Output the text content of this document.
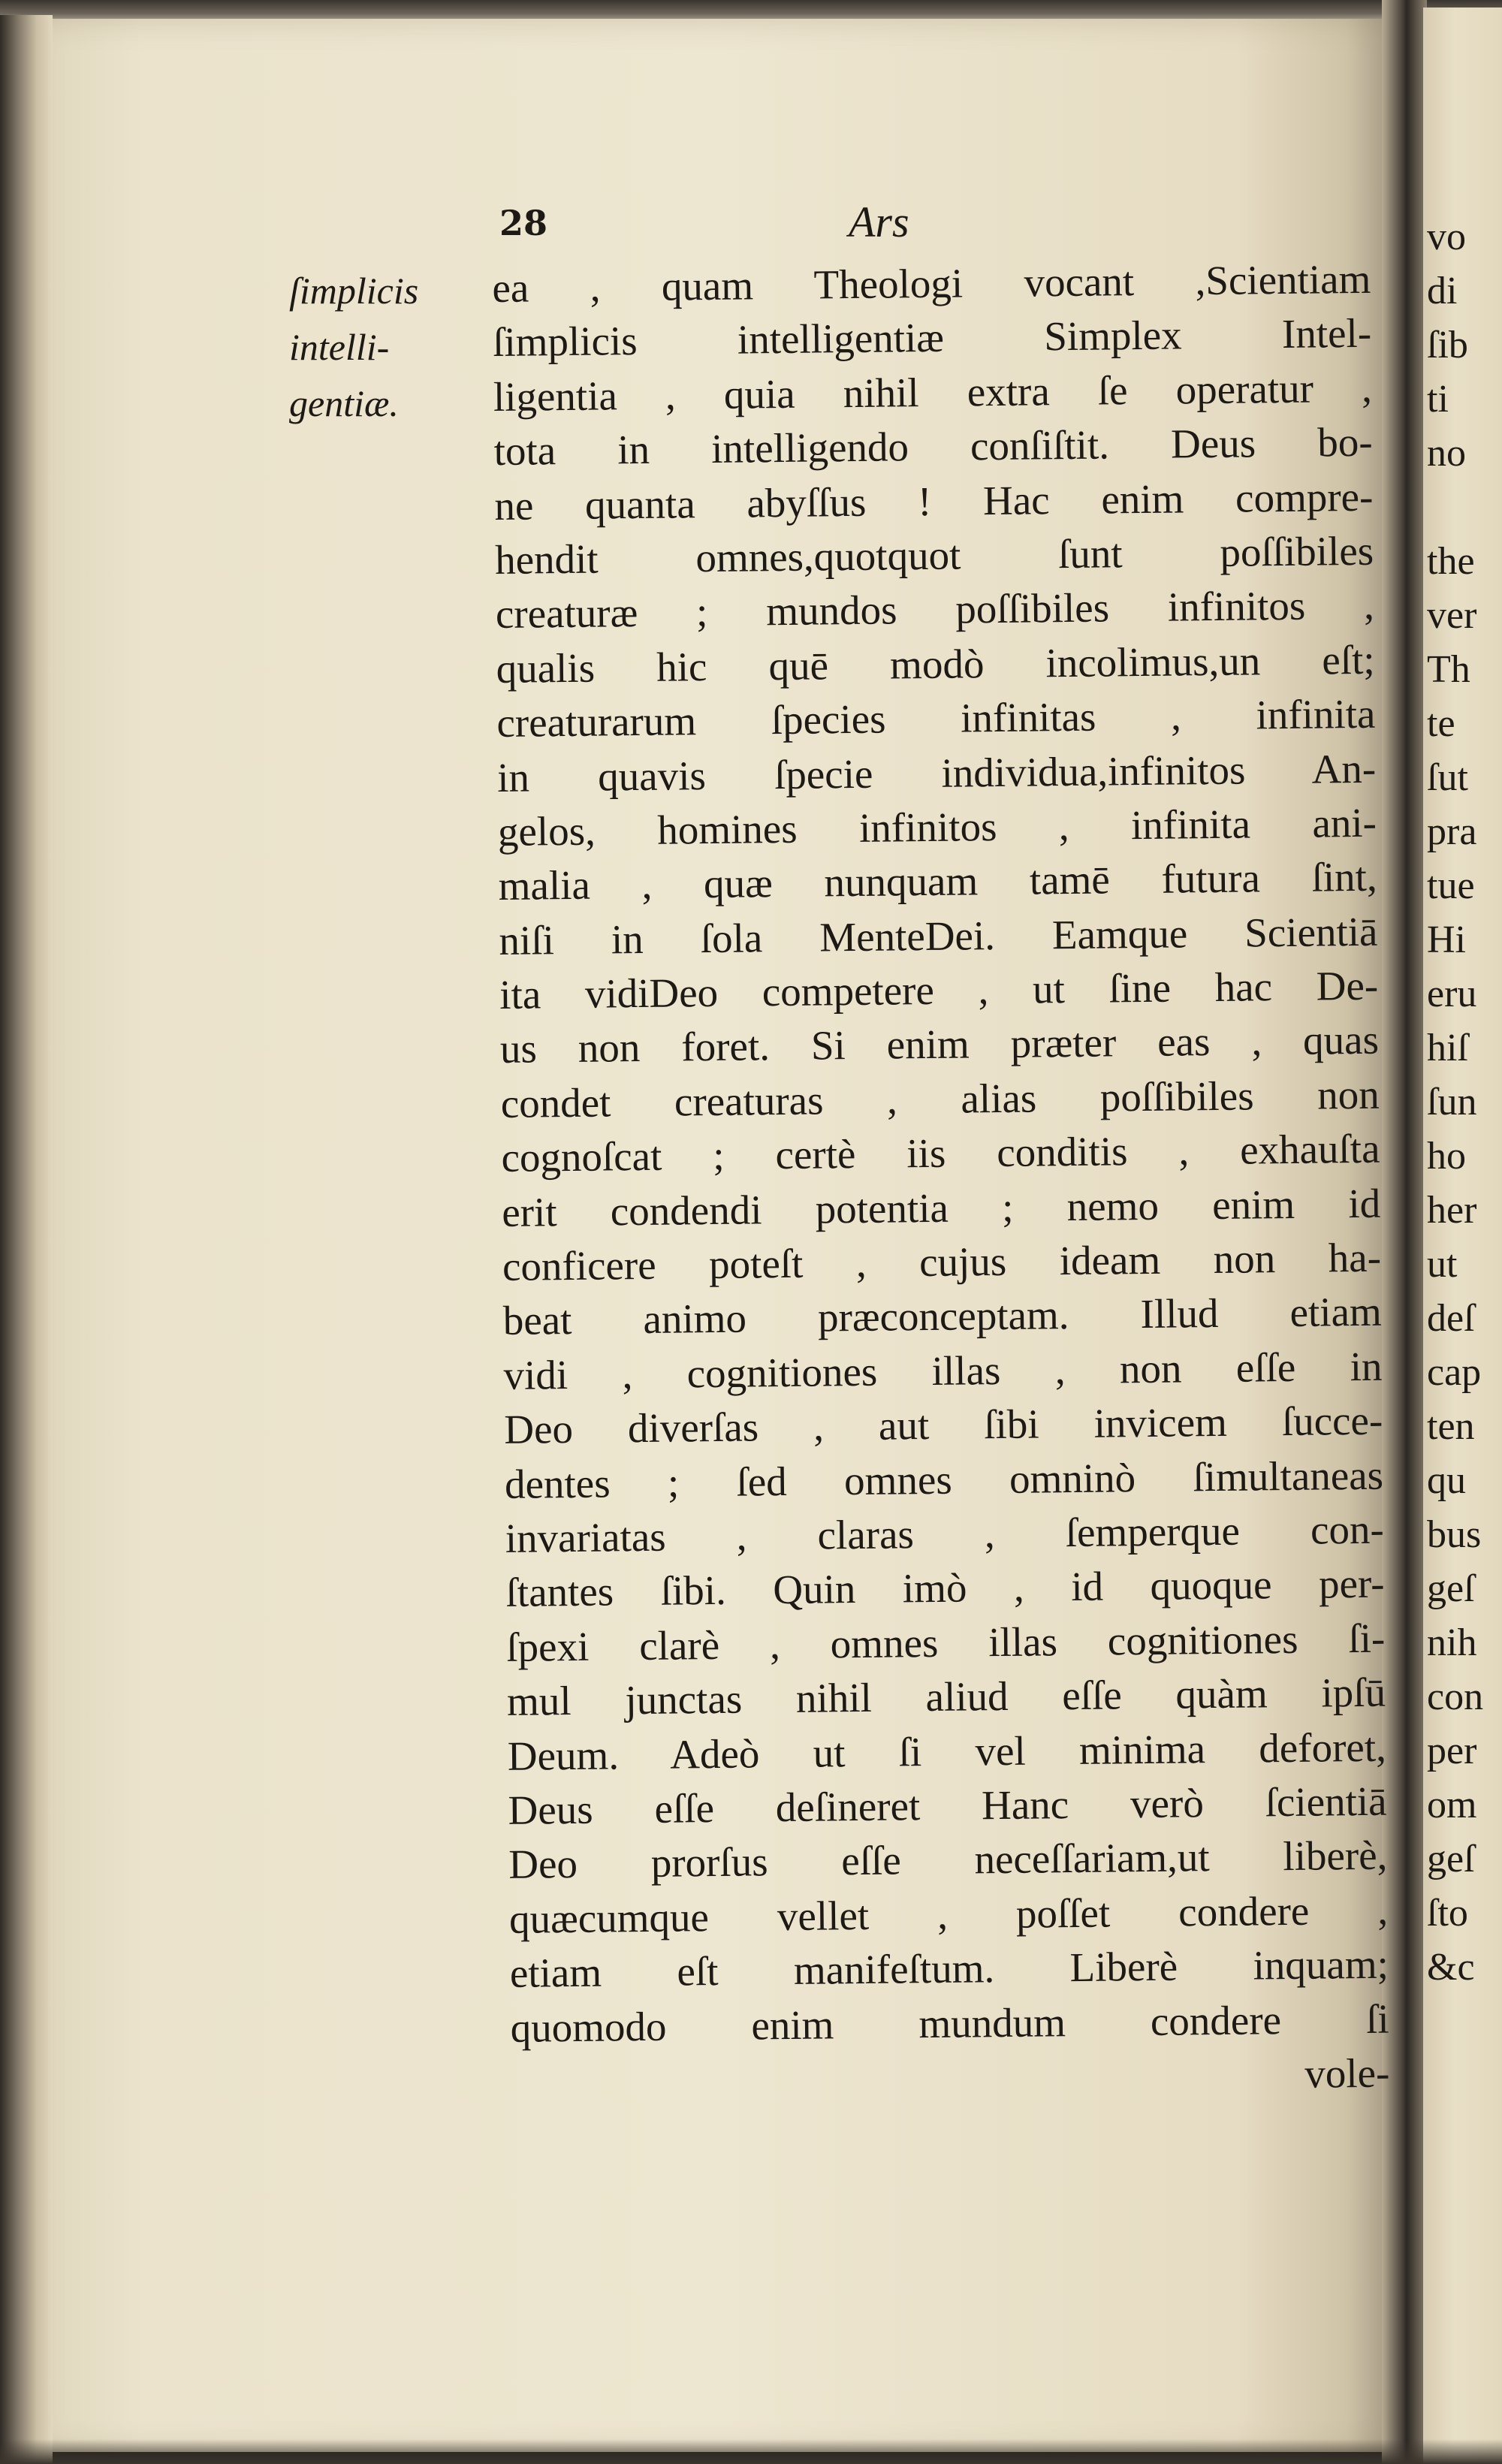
28	Ars
ſimplicis
intelli-
gentiæ.
ea , quam Theologi vocant ,Scientiam
ſimplicis intelligentiæ Simplex Intel-
ligentia , quia nihil extra ſe operatur ,
tota in intelligendo conſiſtit. Deus bo-
ne quanta abyſſus ! Hac enim compre-
hendit omnes,quotquot ſunt poſſibiles
creaturæ ; mundos poſſibiles infinitos ,
qualis hic quē modò incolimus,un eſt;
creaturarum ſpecies infinitas , infinita
in quavis ſpecie individua,infinitos An-
gelos, homines infinitos , infinita ani-
malia , quæ nunquam tamē futura ſint,
niſi in ſola MenteDei. Eamque Scientiā
ita vidiDeo competere , ut ſine hac De-
us non foret. Si enim præter eas , quas
condet creaturas , alias poſſibiles non
cognoſcat ; certè iis conditis , exhauſta
erit condendi potentia ; nemo enim id
conficere poteſt , cujus ideam non ha-
beat animo præconceptam. Illud etiam
vidi , cognitiones illas , non eſſe in
Deo diverſas , aut ſibi invicem ſucce-
dentes ; ſed omnes omninò ſimultaneas
invariatas , claras , ſemperque con-
ſtantes ſibi. Quin imò , id quoque per-
ſpexi clarè , omnes illas cognitiones ſi-
mul junctas nihil aliud eſſe quàm ipſū
Deum. Adeò ut ſi vel minima deforet,
Deus eſſe deſineret Hanc verò ſcientiā
Deo prorſus eſſe neceſſariam,ut liberè,
quæcumque vellet , poſſet condere ,
etiam eſt manifeſtum. Liberè inquam;
quomodo enim mundum condere ſi
vole-
vo
di
ſib
ti
no
the
ver
Th
te
ſut
pra
tue
Hi
eru
hiſ
ſun
ho
her
ut
deſ
cap
ten
qu
bus
geſ
nih
con
per
om
geſ
ſto
&c
